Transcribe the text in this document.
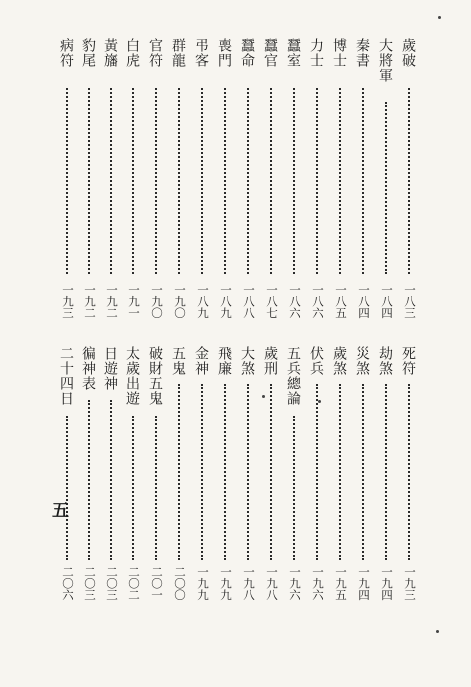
歲破
一八三
大將軍
一八四
秦書
一八四
博士
一八五
力士
一八六
蠶室
一八六
蠶官
一八七
蠶命
一八八
喪門
一八九
弔客
一八九
群龍
一九〇
官符
一九〇
白虎
一九一
黃旛
一九二
豹尾
一九二
病符
一九三
死符
一九三
劫煞
一九四
災煞
一九四
歲煞
一九五
伏兵
一九六
五兵總論
一九六
歲刑
一九八
大煞
一九八
飛廉
一九九
金神
一九九
五鬼
二〇〇
破財五鬼
二〇一
太歲出遊
二〇二
日遊神
二〇三
徧神表
二〇三
二十四日
二〇六
五
